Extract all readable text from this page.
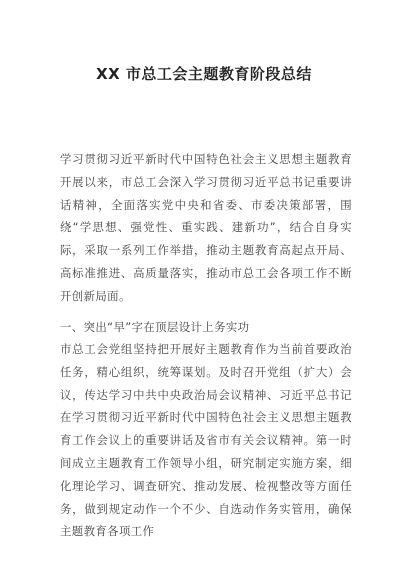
XX 市总工会主题教育阶段总结
学习贯彻习近平新时代中国特色社会主义思想主题教育开展以来，市总工会深入学习贯彻习近平总书记重要讲话精神，全面落实党中央和省委、市委决策部署，围绕“学思想、强党性、重实践、建新功”，结合自身实际，采取一系列工作举措，推动主题教育高起点开局、高标准推进、高质量落实，推动市总工会各项工作不断开创新局面。
一、突出“早”字在顶层设计上务实功
市总工会党组坚持把开展好主题教育作为当前首要政治任务，精心组织，统筹谋划。及时召开党组（扩大）会议，传达学习中共中央政治局会议精神、习近平总书记在学习贯彻习近平新时代中国特色社会主义思想主题教育工作会议上的重要讲话及省市有关会议精神。第一时间成立主题教育工作领导小组，研究制定实施方案，细化理论学习、调查研究、推动发展、检视整改等方面任务，做到规定动作一个不少、自选动作务实管用，确保主题教育各项工作
